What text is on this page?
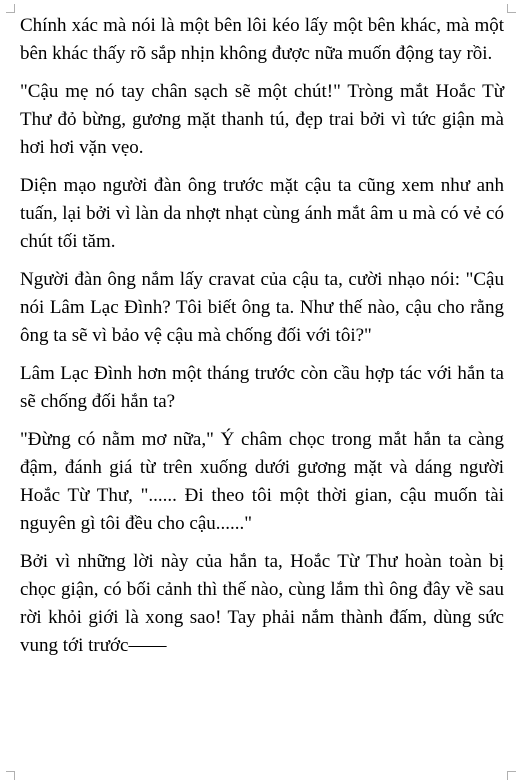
Chính xác mà nói là một bên lôi kéo lấy một bên khác, mà một bên khác thấy rõ sắp nhịn không được nữa muốn động tay rồi.

"Cậu mẹ nó tay chân sạch sẽ một chút!" Tròng mắt Hoắc Từ Thư đỏ bừng, gương mặt thanh tú, đẹp trai bởi vì tức giận mà hơi hơi vặn vẹo.

Diện mạo người đàn ông trước mặt cậu ta cũng xem như anh tuấn, lại bởi vì làn da nhợt nhạt cùng ánh mắt âm u mà có vẻ có chút tối tăm.

Người đàn ông nắm lấy cravat của cậu ta, cười nhạo nói: "Cậu nói Lâm Lạc Đình? Tôi biết ông ta. Như thế nào, cậu cho rằng ông ta sẽ vì bảo vệ cậu mà chống đối với tôi?"

Lâm Lạc Đình hơn một tháng trước còn cầu hợp tác với hắn ta sẽ chống đối hắn ta?

"Đừng có nằm mơ nữa," Ý châm chọc trong mắt hắn ta càng đậm, đánh giá từ trên xuống dưới gương mặt và dáng người Hoắc Từ Thư, "...... Đi theo tôi một thời gian, cậu muốn tài nguyên gì tôi đều cho cậu......"

Bởi vì những lời này của hắn ta, Hoắc Từ Thư hoàn toàn bị chọc giận, có bối cảnh thì thế nào, cùng lắm thì ông đây về sau rời khỏi giới là xong sao! Tay phải nắm thành đấm, dùng sức vung tới trước——
